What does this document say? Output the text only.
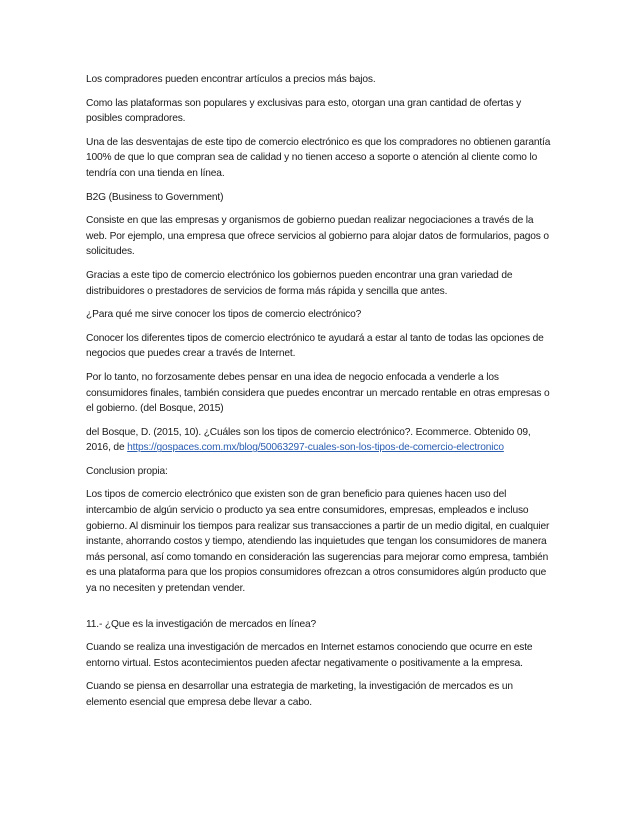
Los compradores pueden encontrar artículos a precios más bajos.

Como las plataformas son populares y exclusivas para esto, otorgan una gran cantidad de ofertas y posibles compradores.

Una de las desventajas de este tipo de comercio electrónico es que los compradores no obtienen garantía 100% de que lo que compran sea de calidad y no tienen acceso a soporte o atención al cliente como lo tendría con una tienda en línea.

B2G (Business to Government)

Consiste en que las empresas y organismos de gobierno puedan realizar negociaciones a través de la web. Por ejemplo, una empresa que ofrece servicios al gobierno para alojar datos de formularios, pagos o solicitudes.

Gracias a este tipo de comercio electrónico los gobiernos pueden encontrar una gran variedad de distribuidores o prestadores de servicios de forma más rápida y sencilla que antes.

¿Para qué me sirve conocer los tipos de comercio electrónico?

Conocer los diferentes tipos de comercio electrónico te ayudará a estar al tanto de todas las opciones de negocios que puedes crear a través de Internet.

Por lo tanto, no forzosamente debes pensar en una idea de negocio enfocada a venderle a los consumidores finales, también considera que puedes encontrar un mercado rentable en otras empresas o el gobierno. (del Bosque, 2015)

del Bosque, D. (2015, 10). ¿Cuáles son los tipos de comercio electrónico?. Ecommerce. Obtenido 09, 2016, de https://gospaces.com.mx/blog/50063297-cuales-son-los-tipos-de-comercio-electronico

Conclusion propia:

Los tipos de comercio electrónico que existen son de gran beneficio para quienes hacen uso del intercambio de algún servicio o producto ya sea entre consumidores, empresas, empleados e incluso gobierno. Al disminuir los tiempos para realizar sus transacciones a partir de un medio digital, en cualquier instante, ahorrando costos y tiempo, atendiendo las inquietudes que tengan los consumidores de manera más personal, así como tomando en consideración las sugerencias para mejorar como empresa, también es una plataforma para que los propios consumidores ofrezcan a otros consumidores algún producto que ya no necesiten y pretendan vender.

11.- ¿Que es la investigación de mercados en línea?

Cuando se realiza una investigación de mercados en Internet estamos conociendo que ocurre en este entorno virtual. Estos acontecimientos pueden afectar negativamente o positivamente a la empresa.

Cuando se piensa en desarrollar una estrategia de marketing, la investigación de mercados es un elemento esencial que empresa debe llevar a cabo.
